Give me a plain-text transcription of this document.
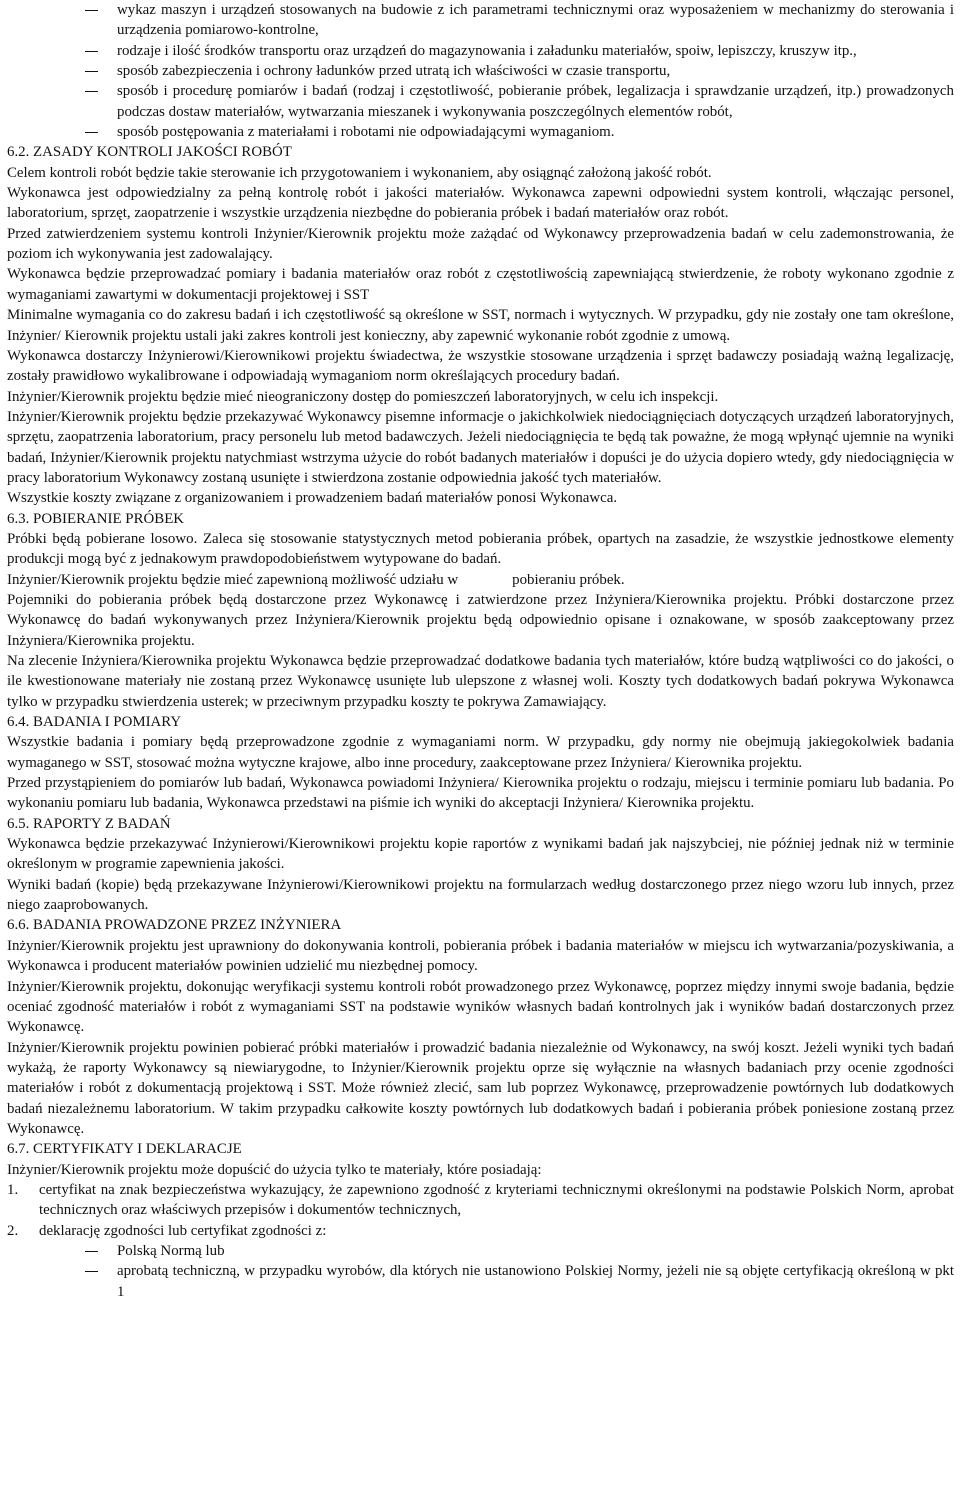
wykaz maszyn i urządzeń stosowanych na budowie z ich parametrami technicznymi oraz wyposażeniem w mechanizmy do sterowania i urządzenia pomiarowo-kontrolne,
rodzaje i ilość środków transportu oraz urządzeń do magazynowania i załadunku materiałów, spoiw, lepiszczy, kruszyw itp.,
sposób zabezpieczenia i ochrony ładunków przed utratą ich właściwości w czasie transportu,
sposób i procedurę pomiarów i badań (rodzaj i częstotliwość, pobieranie próbek, legalizacja i sprawdzanie urządzeń, itp.) prowadzonych podczas dostaw materiałów, wytwarzania mieszanek i wykonywania poszczególnych elementów robót,
sposób postępowania z materiałami i robotami nie odpowiadającymi wymaganiom.
6.2. ZASADY KONTROLI JAKOŚCI ROBÓT

Celem kontroli robót będzie takie sterowanie ich przygotowaniem i wykonaniem, aby osiągnąć założoną jakość robót.

Wykonawca jest odpowiedzialny za pełną kontrolę robót i jakości materiałów. Wykonawca zapewni odpowiedni system kontroli, włączając personel, laboratorium, sprzęt, zaopatrzenie i wszystkie urządzenia niezbędne do pobierania próbek i badań materiałów oraz robót.

Przed zatwierdzeniem systemu kontroli Inżynier/Kierownik projektu może zażądać od Wykonawcy przeprowadzenia badań w celu zademonstrowania, że poziom ich wykonywania jest zadowalający.

Wykonawca będzie przeprowadzać pomiary i badania materiałów oraz robót z częstotliwością zapewniającą stwierdzenie, że roboty wykonano zgodnie z wymaganiami zawartymi w dokumentacji projektowej i SST

Minimalne wymagania co do zakresu badań i ich częstotliwość są określone w SST, normach i wytycznych. W przypadku, gdy nie zostały one tam określone, Inżynier/ Kierownik projektu ustali jaki zakres kontroli jest konieczny, aby zapewnić wykonanie robót zgodnie z umową.

Wykonawca dostarczy Inżynierowi/Kierownikowi projektu świadectwa, że wszystkie stosowane urządzenia i sprzęt badawczy posiadają ważną legalizację, zostały prawidłowo wykalibrowane i odpowiadają wymaganiom norm określających procedury badań.

Inżynier/Kierownik projektu będzie mieć nieograniczony dostęp do pomieszczeń laboratoryjnych, w celu ich inspekcji.

Inżynier/Kierownik projektu będzie przekazywać Wykonawcy pisemne informacje o jakichkolwiek niedociągnięciach dotyczących urządzeń laboratoryjnych, sprzętu, zaopatrzenia laboratorium, pracy personelu lub metod badawczych. Jeżeli niedociągnięcia te będą tak poważne, że mogą wpłynąć ujemnie na wyniki badań, Inżynier/Kierownik projektu natychmiast wstrzyma użycie do robót badanych materiałów i dopuści je do użycia dopiero wtedy, gdy niedociągnięcia w pracy laboratorium Wykonawcy zostaną usunięte i stwierdzona zostanie odpowiednia jakość tych materiałów.

Wszystkie koszty związane z organizowaniem i prowadzeniem badań materiałów ponosi Wykonawca.

6.3. POBIERANIE PRÓBEK

Próbki będą pobierane losowo. Zaleca się stosowanie statystycznych metod pobierania próbek, opartych na zasadzie, że wszystkie jednostkowe elementy produkcji mogą być z jednakowym prawdopodobieństwem wytypowane do badań.

Inżynier/Kierownik projektu będzie mieć zapewnioną możliwość udziału w	pobieraniu próbek.

Pojemniki do pobierania próbek będą dostarczone przez Wykonawcę i zatwierdzone przez Inżyniera/Kierownika projektu. Próbki dostarczone przez Wykonawcę do badań wykonywanych przez Inżyniera/Kierownik projektu będą odpowiednio opisane i oznakowane, w sposób zaakceptowany przez Inżyniera/Kierownika projektu.

Na zlecenie Inżyniera/Kierownika projektu Wykonawca będzie przeprowadzać dodatkowe badania tych materiałów, które budzą wątpliwości co do jakości, o ile kwestionowane materiały nie zostaną przez Wykonawcę usunięte lub ulepszone z własnej woli. Koszty tych dodatkowych badań pokrywa Wykonawca tylko w przypadku stwierdzenia usterek; w przeciwnym przypadku koszty te pokrywa Zamawiający.

6.4. BADANIA I POMIARY

Wszystkie badania i pomiary będą przeprowadzone zgodnie z wymaganiami norm. W przypadku, gdy normy nie obejmują jakiegokolwiek badania wymaganego w SST, stosować można wytyczne krajowe, albo inne procedury, zaakceptowane przez Inżyniera/ Kierownika projektu.

Przed przystąpieniem do pomiarów lub badań, Wykonawca powiadomi Inżyniera/ Kierownika projektu o rodzaju, miejscu i terminie pomiaru lub badania. Po wykonaniu pomiaru lub badania, Wykonawca przedstawi na piśmie ich wyniki do akceptacji Inżyniera/ Kierownika projektu.

6.5. RAPORTY Z BADAŃ

Wykonawca będzie przekazywać Inżynierowi/Kierownikowi projektu kopie raportów z wynikami badań jak najszybciej, nie później jednak niż w terminie określonym w programie zapewnienia jakości.

Wyniki badań (kopie) będą przekazywane Inżynierowi/Kierownikowi projektu na formularzach według dostarczonego przez niego wzoru lub innych, przez niego zaaprobowanych.

6.6. BADANIA PROWADZONE PRZEZ INŻYNIERA

Inżynier/Kierownik projektu jest uprawniony do dokonywania kontroli, pobierania próbek i badania materiałów w miejscu ich wytwarzania/pozyskiwania, a Wykonawca i producent materiałów powinien udzielić mu niezbędnej pomocy.

Inżynier/Kierownik projektu, dokonując weryfikacji systemu kontroli robót prowadzonego przez Wykonawcę, poprzez między innymi swoje badania, będzie oceniać zgodność materiałów i robót z wymaganiami SST na podstawie wyników własnych badań kontrolnych jak i wyników badań dostarczonych przez Wykonawcę.

Inżynier/Kierownik projektu powinien pobierać próbki materiałów i prowadzić badania niezależnie od Wykonawcy, na swój koszt. Jeżeli wyniki tych badań wykażą, że raporty Wykonawcy są niewiarygodne, to Inżynier/Kierownik projektu oprze się wyłącznie na własnych badaniach przy ocenie zgodności materiałów i robót z dokumentacją projektową i SST. Może również zlecić, sam lub poprzez Wykonawcę, przeprowadzenie powtórnych lub dodatkowych badań niezależnemu laboratorium. W takim przypadku całkowite koszty powtórnych lub dodatkowych badań i pobierania próbek poniesione zostaną przez Wykonawcę.

6.7. CERTYFIKATY I DEKLARACJE

Inżynier/Kierownik projektu może dopuścić do użycia tylko te materiały, które posiadają:

1. certyfikat na znak bezpieczeństwa wykazujący, że zapewniono zgodność z kryteriami technicznymi określonymi na podstawie Polskich Norm, aprobat technicznych oraz właściwych przepisów i dokumentów technicznych,
2. deklarację zgodności lub certyfikat zgodności z:
Polską Normą lub
aprobatą techniczną, w przypadku wyrobów, dla których nie ustanowiono Polskiej Normy, jeżeli nie są objęte certyfikacją określoną w pkt 1
